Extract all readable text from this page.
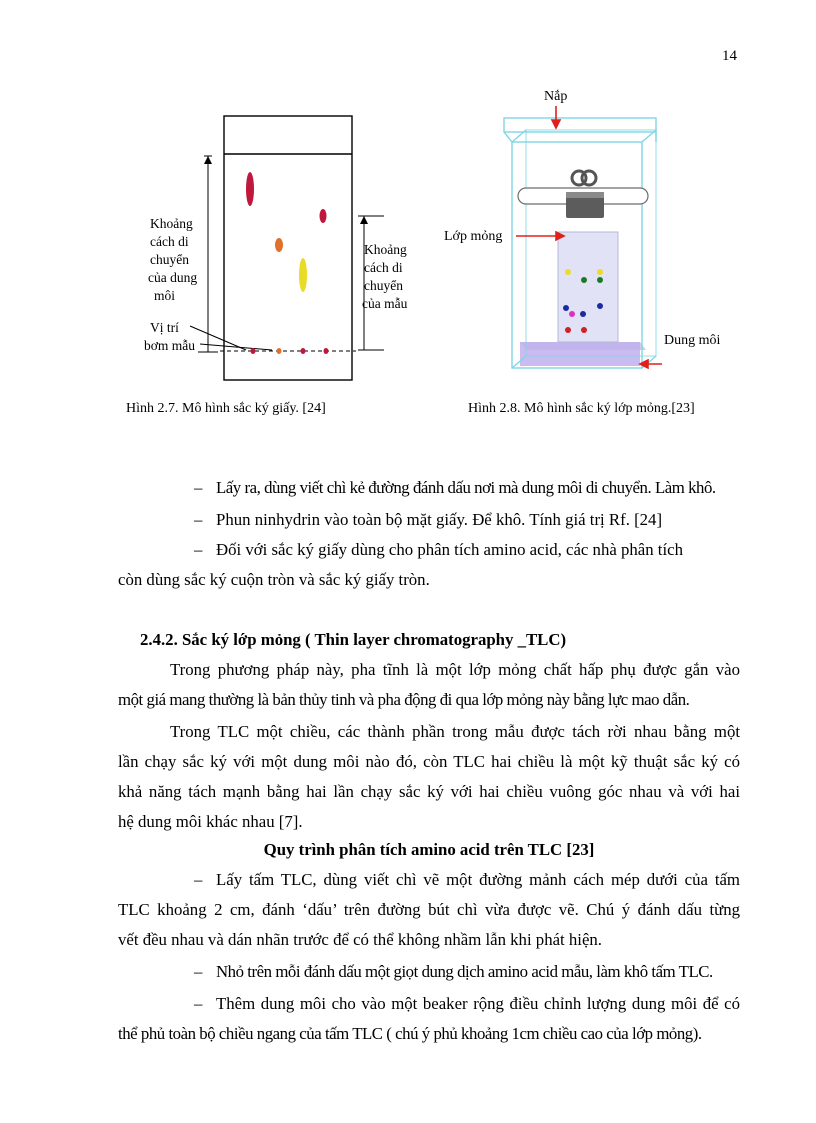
14
Khoảng
cách di
chuyển
của dung
môi
Khoảng
cách di
chuyển
của mẫu
Vị trí
bơm mẫu
Hình 2.7. Mô hình sắc ký giấy. [24]
Nắp
Lớp mỏng
Dung môi
Hình 2.8. Mô hình sắc ký lớp mỏng.[23]
– Lấy ra, dùng viết chì kẻ đường đánh dấu nơi mà dung môi di chuyển. Làm khô.
– Phun ninhydrin vào toàn bộ mặt giấy. Để khô. Tính giá trị Rf. [24]
– Đối với sắc ký giấy dùng cho phân tích amino acid, các nhà phân tích
còn dùng sắc ký cuộn tròn và sắc ký giấy tròn.
2.4.2. Sắc ký lớp mỏng ( Thin layer chromatography _TLC)
Trong phương pháp này, pha tĩnh là một lớp mỏng chất hấp phụ được gắn vào
một giá mang thường là bản thủy tinh và pha động đi qua lớp mỏng này bằng lực mao dẫn.
Trong TLC một chiều, các thành phần trong mẫu được tách rời nhau bằng một
lần chạy sắc ký với một dung môi nào đó, còn TLC hai chiều là một kỹ thuật sắc ký có
khả năng tách mạnh bằng hai lần chạy sắc ký với hai chiều vuông góc nhau và với hai
hệ dung môi khác nhau [7].
Quy trình phân tích amino acid trên TLC [23]
– Lấy tấm TLC, dùng viết chì vẽ một đường mảnh cách mép dưới của tấm
TLC khoảng 2 cm, đánh ‘dấu’ trên đường bút chì vừa được vẽ. Chú ý đánh dấu từng
vết đều nhau và dán nhãn trước để có thể không nhầm lẫn khi phát hiện.
– Nhỏ trên mỗi đánh dấu một giọt dung dịch amino acid mẫu, làm khô tấm TLC.
– Thêm dung môi cho vào một beaker rộng điều chỉnh lượng dung môi để có
thể phủ toàn bộ chiều ngang của tấm TLC ( chú ý phủ khoảng 1cm chiều cao của lớp mỏng).
